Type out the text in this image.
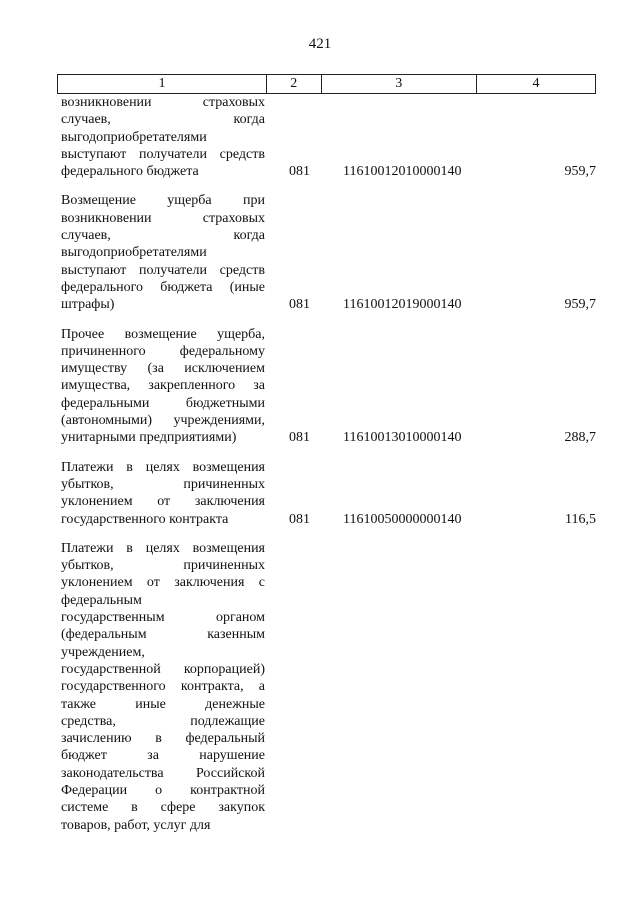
421
1	2	3	4
возникновении страховых
случаев, когда
выгодоприобретателями
выступают получатели средств
федерального бюджета	081 11610012010000140	959,7
Возмещение ущерба при
возникновении страховых
случаев, когда
выгодоприобретателями
выступают получатели средств
федерального бюджета (иные
штрафы)	081 11610012019000140	959,7
Прочее возмещение ущерба,
причиненного федеральному
имуществу (за исключением
имущества, закрепленного за
федеральными бюджетными
(автономными) учреждениями,
унитарными предприятиями)	081 11610013010000140	288,7
Платежи в целях возмещения
убытков, причиненных
уклонением от заключения
государственного контракта	081 11610050000000140	116,5
Платежи в целях возмещения
убытков, причиненных
уклонением от заключения с
федеральным
государственным органом
(федеральным казенным
учреждением,
государственной корпорацией)
государственного контракта, а
также иные денежные
средства, подлежащие
зачислению в федеральный
бюджет за нарушение
законодательства Российской
Федерации о контрактной
системе в сфере закупок
товаров, работ, услуг для
